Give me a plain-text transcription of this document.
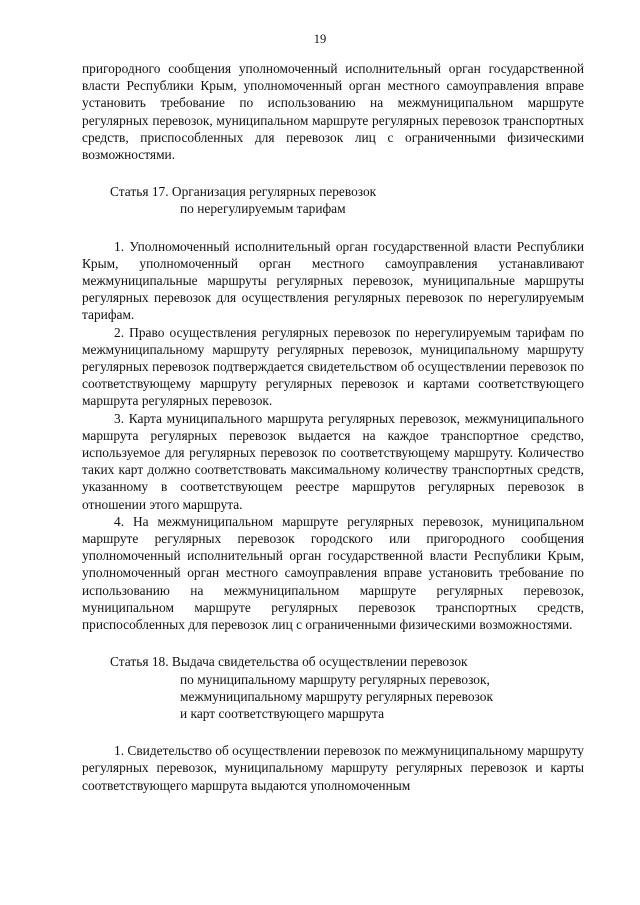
19

пригородного сообщения уполномоченный исполнительный орган государственной власти Республики Крым, уполномоченный орган местного самоуправления вправе установить требование по использованию на межмуниципальном маршруте регулярных перевозок, муниципальном маршруте регулярных перевозок транспортных средств, приспособленных для перевозок лиц с ограниченными физическими возможностями.

Статья 17. Организация регулярных перевозок
по нерегулируемым тарифам

1. Уполномоченный исполнительный орган государственной власти Республики Крым, уполномоченный орган местного самоуправления устанавливают межмуниципальные маршруты регулярных перевозок, муниципальные маршруты регулярных перевозок для осуществления регулярных перевозок по нерегулируемым тарифам.

2. Право осуществления регулярных перевозок по нерегулируемым тарифам по межмуниципальному маршруту регулярных перевозок, муниципальному маршруту регулярных перевозок подтверждается свидетельством об осуществлении перевозок по соответствующему маршруту регулярных перевозок и картами соответствующего маршрута регулярных перевозок.

3. Карта муниципального маршрута регулярных перевозок, межмуниципального маршрута регулярных перевозок выдается на каждое транспортное средство, используемое для регулярных перевозок по соответствующему маршруту. Количество таких карт должно соответствовать максимальному количеству транспортных средств, указанному в соответствующем реестре маршрутов регулярных перевозок в отношении этого маршрута.

4. На межмуниципальном маршруте регулярных перевозок, муниципальном маршруте регулярных перевозок городского или пригородного сообщения уполномоченный исполнительный орган государственной власти Республики Крым, уполномоченный орган местного самоуправления вправе установить требование по использованию на межмуниципальном маршруте регулярных перевозок, муниципальном маршруте регулярных перевозок транспортных средств, приспособленных для перевозок лиц с ограниченными физическими возможностями.

Статья 18. Выдача свидетельства об осуществлении перевозок
по муниципальному маршруту регулярных перевозок,
межмуниципальному маршруту регулярных перевозок
и карт соответствующего маршрута

1. Свидетельство об осуществлении перевозок по межмуниципальному маршруту регулярных перевозок, муниципальному маршруту регулярных перевозок и карты соответствующего маршрута выдаются уполномоченным
